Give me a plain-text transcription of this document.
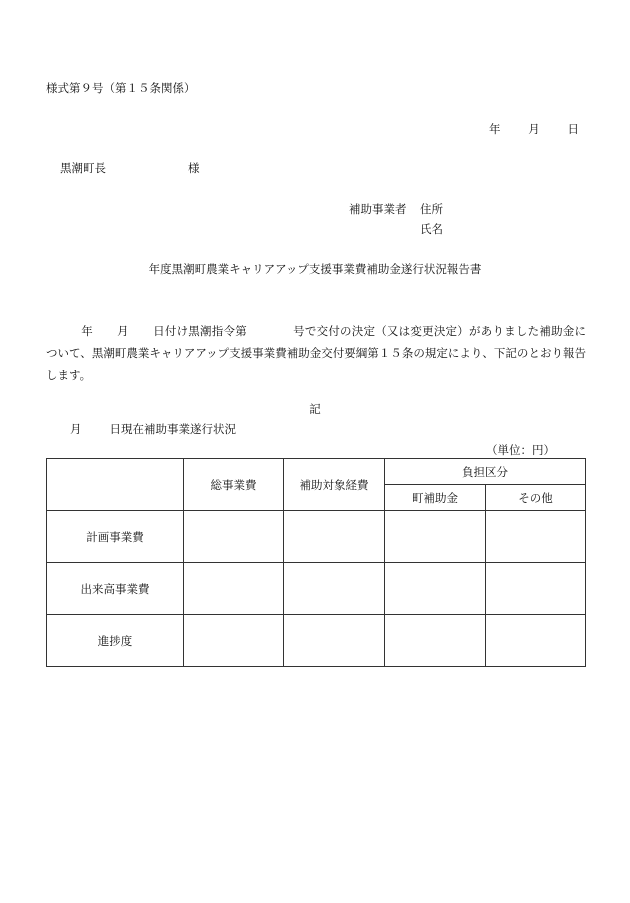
様式第９号（第１５条関係）
年 月 日
黒潮町長	様
補助事業者 住所
氏名
年度黒潮町農業キャリアアップ支援事業費補助金遂行状況報告書
年 月 日付け黒潮指令第	号で交付の決定（又は変更決定）がありました補助金について、黒潮町農業キャリアアップ支援事業費補助金交付要綱第１５条の規定により、下記のとおり報告します。
記
月 日現在補助事業遂行状況
（単位：円）
	総事業費	補助対象経費	負担区分	
			町補助金	その他
計画事業費				
出来高事業費				
進捗度				
